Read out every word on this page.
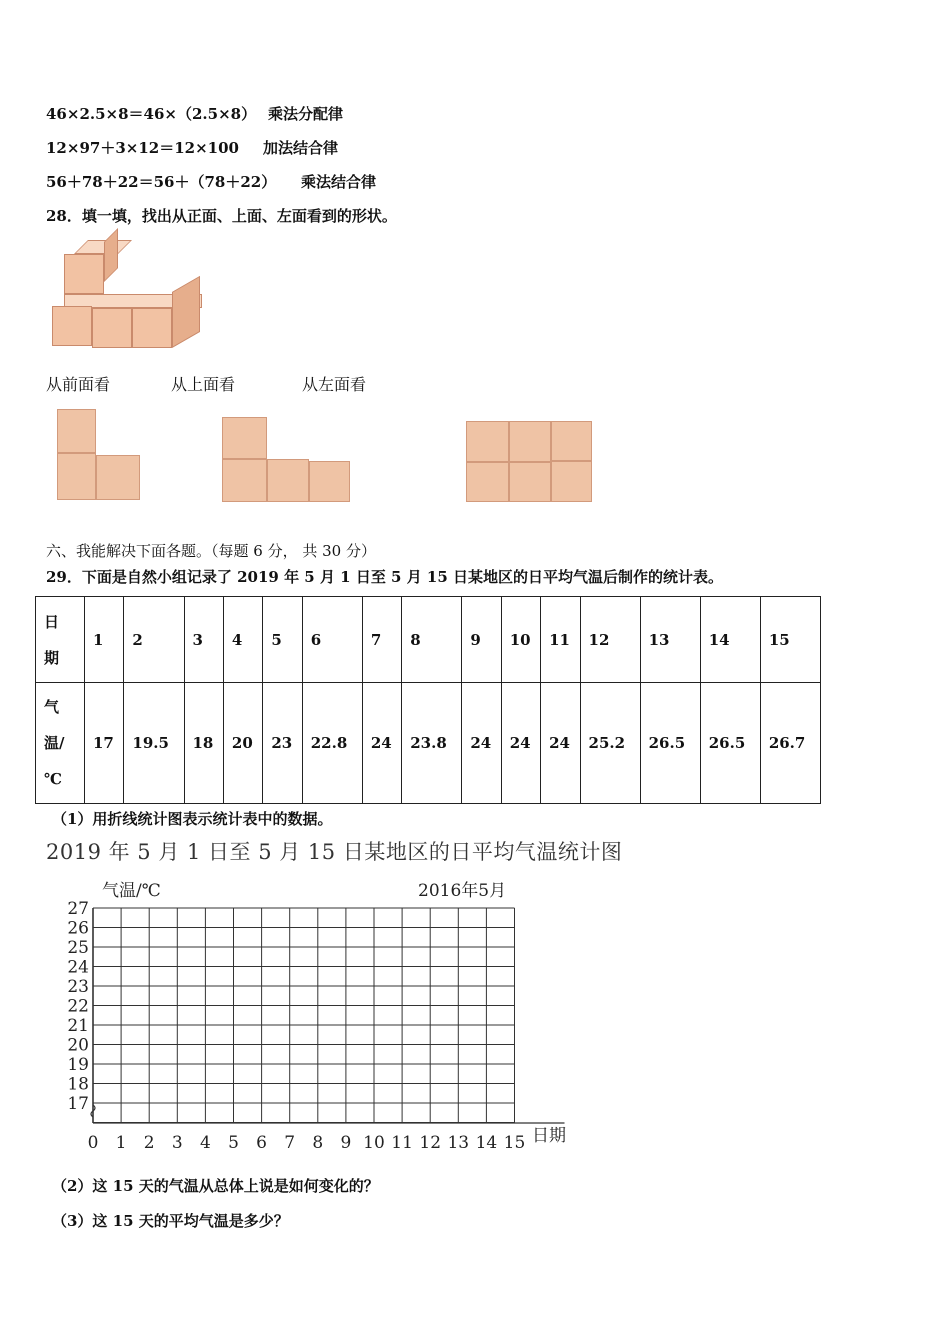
46×2.5×8＝46×（2.5×8） 乘法分配律
12×97＋3×12＝12×100	加法结合律
56＋78＋22＝56＋（78＋22）	乘法结合律
28．填一填，找出从正面、上面、左面看到的形状。
从前面看	从上面看	从左面看
六、我能解决下面各题。（每题 6 分， 共 30 分）
29．下面是自然小组记录了 2019 年 5 月 1 日至 5 月 15 日某地区的日平均气温后制作的统计表。
日
期	1	2	3	4	5	6	7	8	9	10	11	12	13	14	15

气
温/
℃	17	19.5	18	20	23	22.8	24	23.8	24	24	24	25.2	26.5	26.5	26.7
（1）用折线统计图表示统计表中的数据。
2019 年 5 月 1 日至 5 月 15 日某地区的日平均气温统计图
17
18
19
20
21
22
23
24
25
26
27
0 1 2 3 4 5 6 7 8 9 10 11 12 13 14 15
气温/℃	2016年5月
日期
（2）这 15 天的气温从总体上说是如何变化的？
（3）这 15 天的平均气温是多少？
